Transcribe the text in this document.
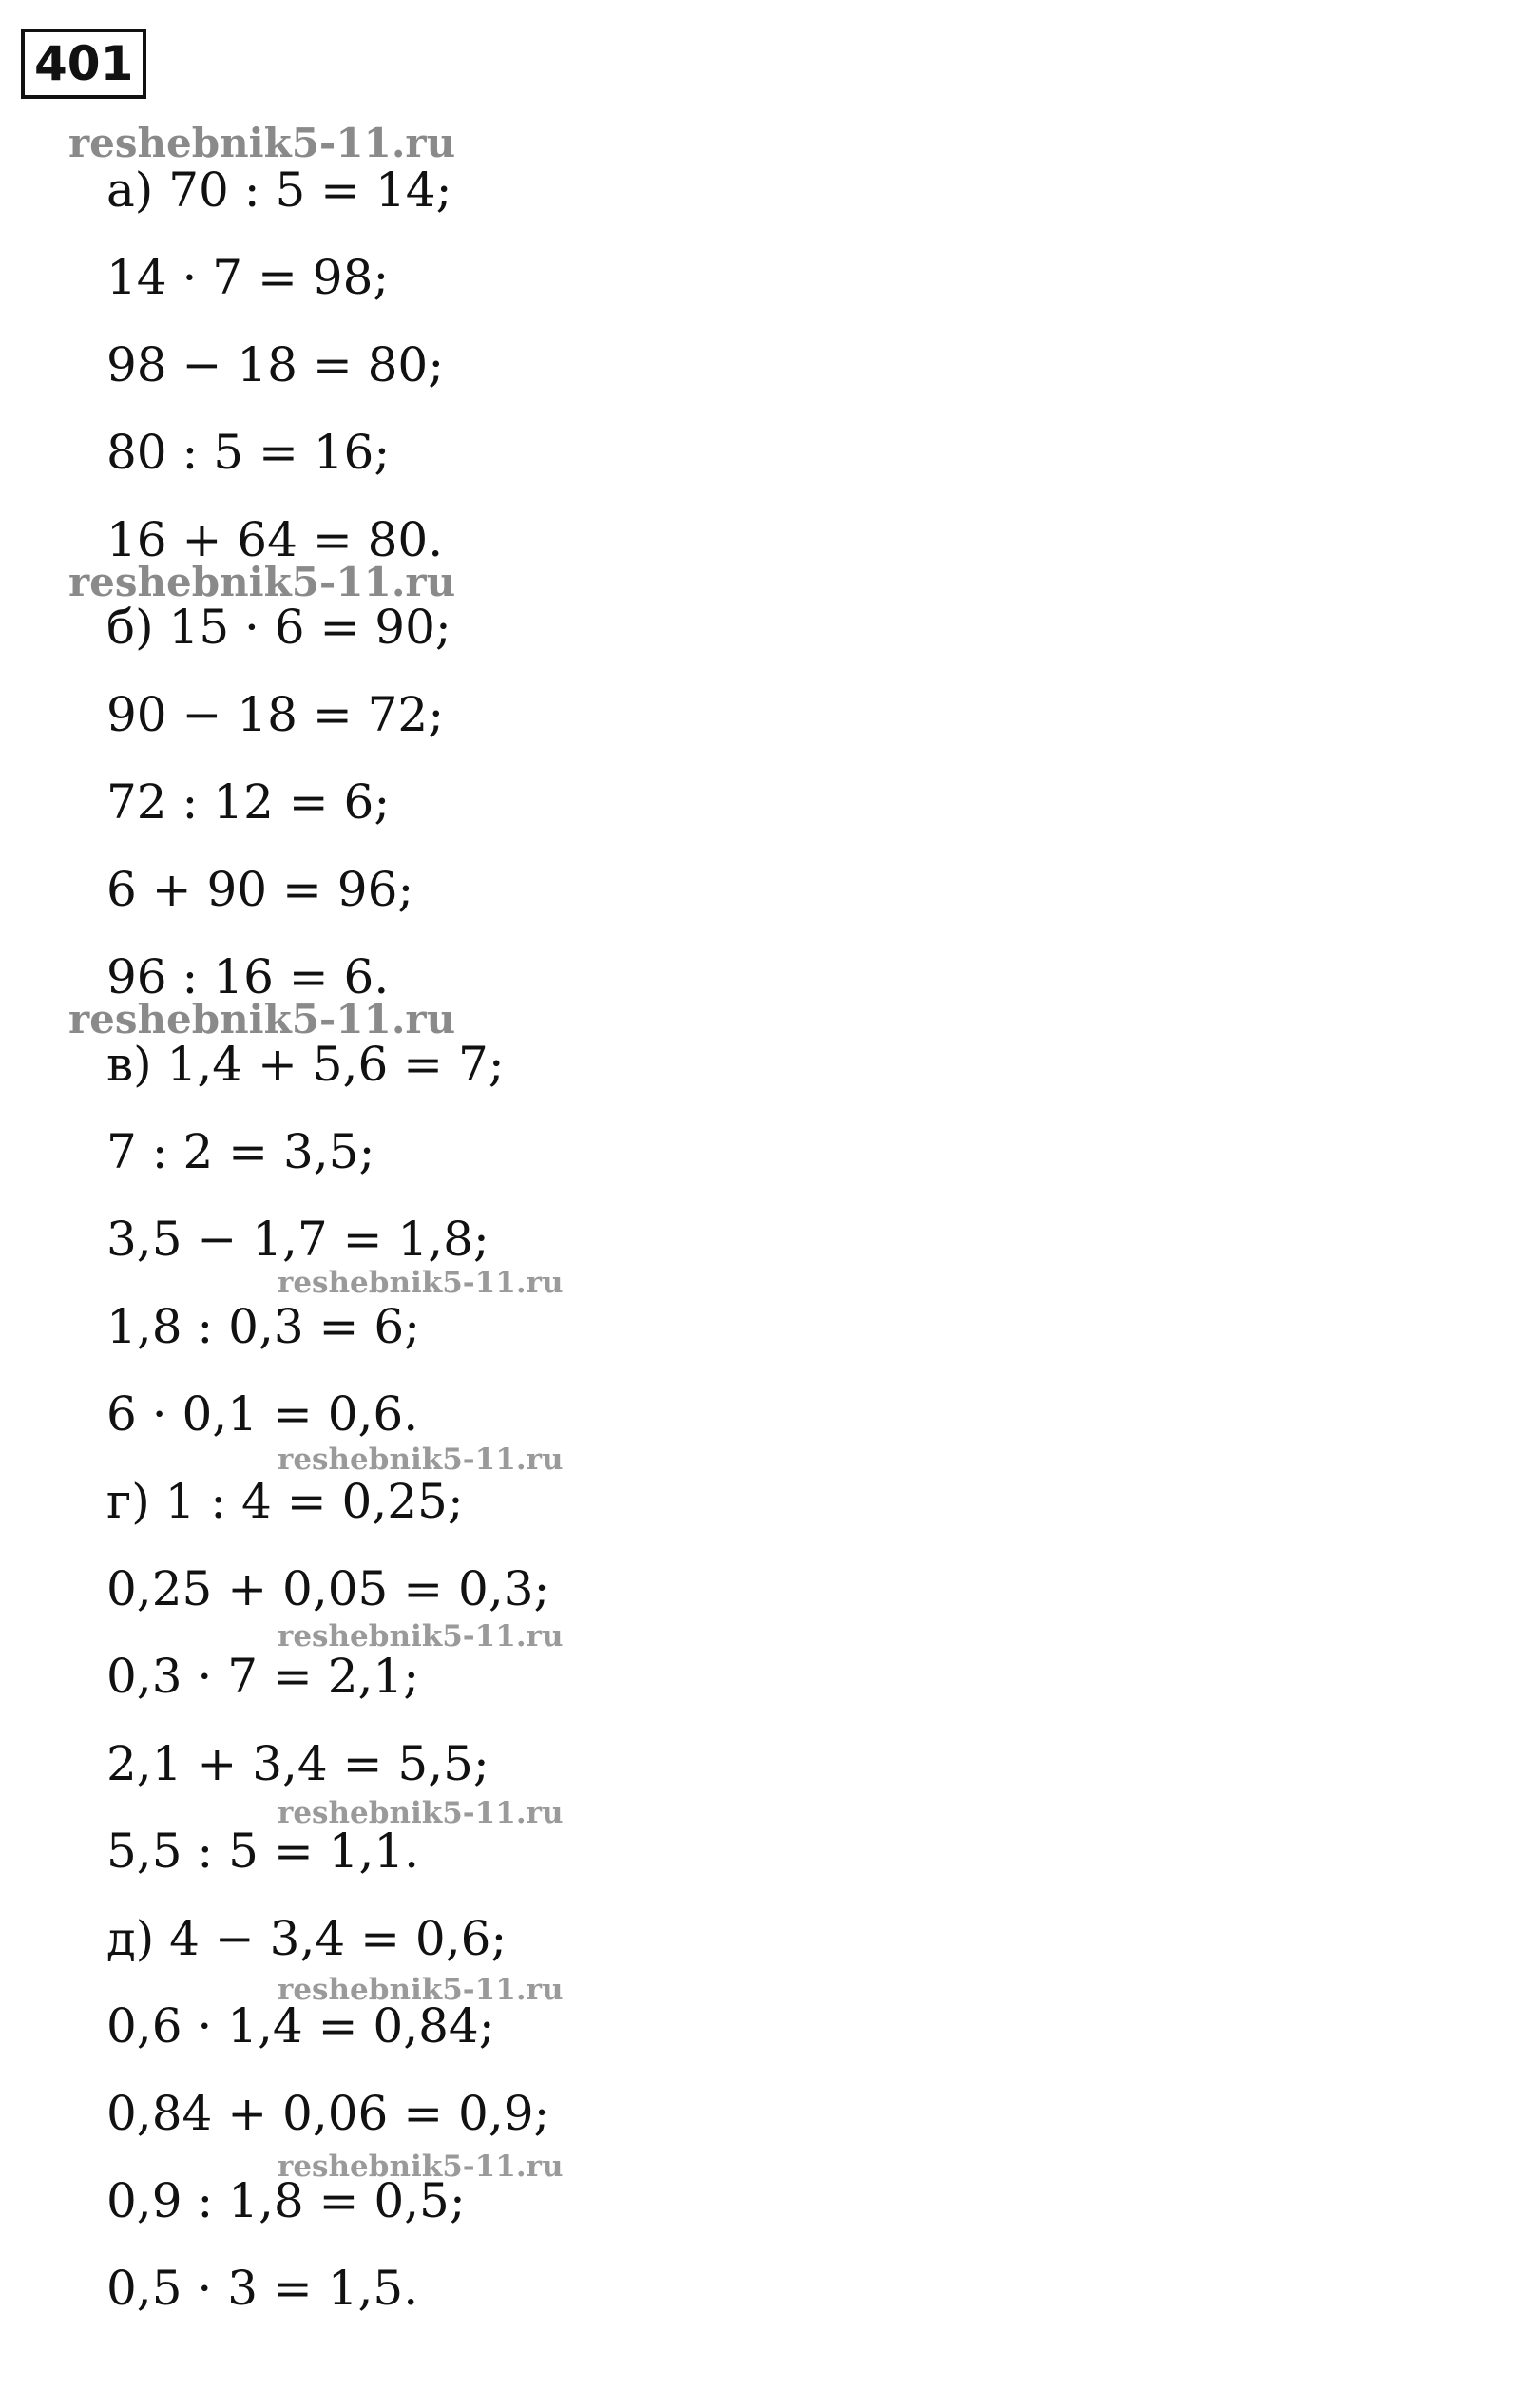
401
reshebnik5-11.ru
reshebnik5-11.ru
reshebnik5-11.ru
reshebnik5-11.ru
reshebnik5-11.ru
reshebnik5-11.ru
reshebnik5-11.ru
reshebnik5-11.ru
reshebnik5-11.ru
а) 70 : 5 = 14;
14 · 7 = 98;
98 − 18 = 80;
80 : 5 = 16;
16 + 64 = 80.
б) 15 · 6 = 90;
90 − 18 = 72;
72 : 12 = 6;
6 + 90 = 96;
96 : 16 = 6.
в) 1,4 + 5,6 = 7;
7 : 2 = 3,5;
3,5 − 1,7 = 1,8;
1,8 : 0,3 = 6;
6 · 0,1 = 0,6.
г) 1 : 4 = 0,25;
0,25 + 0,05 = 0,3;
0,3 · 7 = 2,1;
2,1 + 3,4 = 5,5;
5,5 : 5 = 1,1.
д) 4 − 3,4 = 0,6;
0,6 · 1,4 = 0,84;
0,84 + 0,06 = 0,9;
0,9 : 1,8 = 0,5;
0,5 · 3 = 1,5.
